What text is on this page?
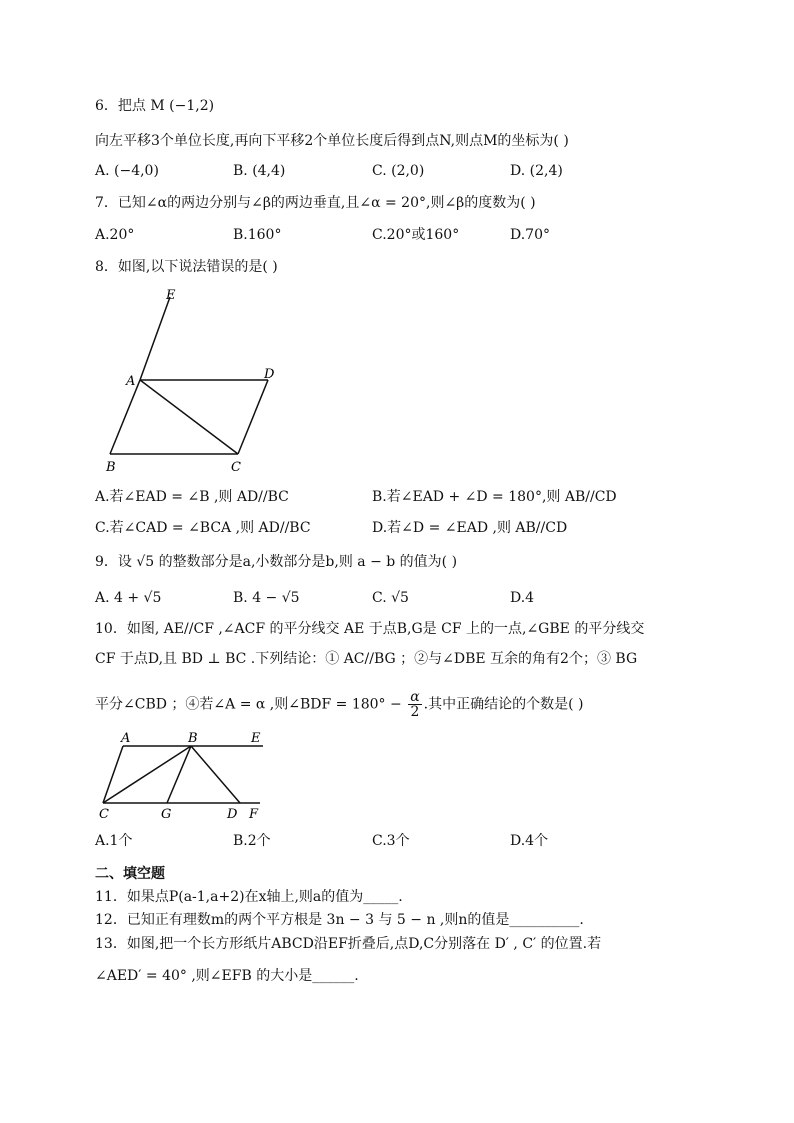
6．把点 M (−1,2)
向左平移3个单位长度,再向下平移2个单位长度后得到点N,则点M的坐标为( )
A. (−4,0)	B. (4,4)	C. (2,0)	D. (2,4)
7．已知∠α的两边分别与∠β的两边垂直,且∠α = 20°,则∠β的度数为( )
A.20°	B.160°	C.20°或160°	D.70°
8．如图,以下说法错误的是( )
E
A	D
B	C
A.若∠EAD = ∠B ,则 AD//BC	B.若∠EAD + ∠D = 180°,则 AB//CD
C.若∠CAD = ∠BCA ,则 AD//BC	D.若∠D = ∠EAD ,则 AB//CD
9．设 √5 的整数部分是a,小数部分是b,则 a − b 的值为( )
A. 4 + √5	B. 4 − √5	C. √5	D.4
10．如图, AE//CF ,∠ACF 的平分线交 AE 于点B,G是 CF 上的一点,∠GBE 的平分线交
CF 于点D,且 BD ⊥ BC .下列结论：① AC//BG ；②与∠DBE 互余的角有2个；③ BG
平分∠CBD ；④若∠A = α ,则∠BDF = $180^\circ - \frac{\alpha}{2}$ .其中正确结论的个数是( )
A	B	E
C	G	D F
A.1个	B.2个	C.3个	D.4个
二、填空题
11．如果点P(a-1,a+2)在x轴上,则a的值为_____.
12．已知正有理数m的两个平方根是 3n − 3 与 5 − n ,则n的值是__________.
13．如图,把一个长方形纸片ABCD沿EF折叠后,点D,C分别落在 D′ , C′ 的位置.若
∠AED′ = 40° ,则∠EFB 的大小是______.
